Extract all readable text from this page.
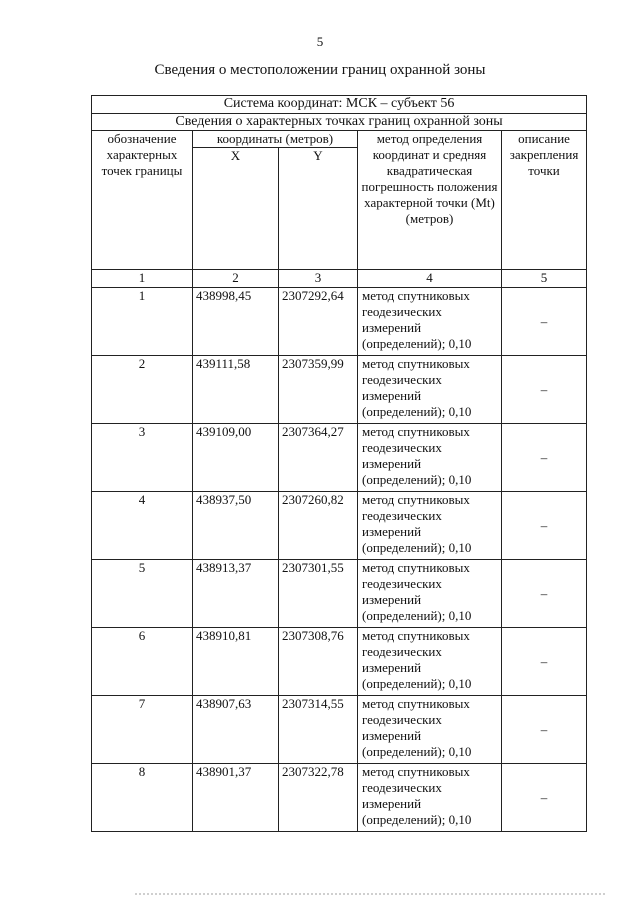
5
Сведения о местоположении границ охранной зоны
Система координат: МСК – субъект 56				
Сведения о характерных точках границ охранной зоны				
обозначение характерных точек границы	координаты (метров)		метод определения координат и средняя квадратическая погрешность положения характерной точки (Mt) (метров)	описание закрепления точки
	X	Y		
1	2	3	4	5
1	438998,45	2307292,64	метод спутниковых геодезических измерений (определений); 0,10	–
2	439111,58	2307359,99	метод спутниковых геодезических измерений (определений); 0,10	–
3	439109,00	2307364,27	метод спутниковых геодезических измерений (определений); 0,10	–
4	438937,50	2307260,82	метод спутниковых геодезических измерений (определений); 0,10	–
5	438913,37	2307301,55	метод спутниковых геодезических измерений (определений); 0,10	–
6	438910,81	2307308,76	метод спутниковых геодезических измерений (определений); 0,10	–
7	438907,63	2307314,55	метод спутниковых геодезических измерений (определений); 0,10	–
8	438901,37	2307322,78	метод спутниковых геодезических измерений (определений); 0,10	–
